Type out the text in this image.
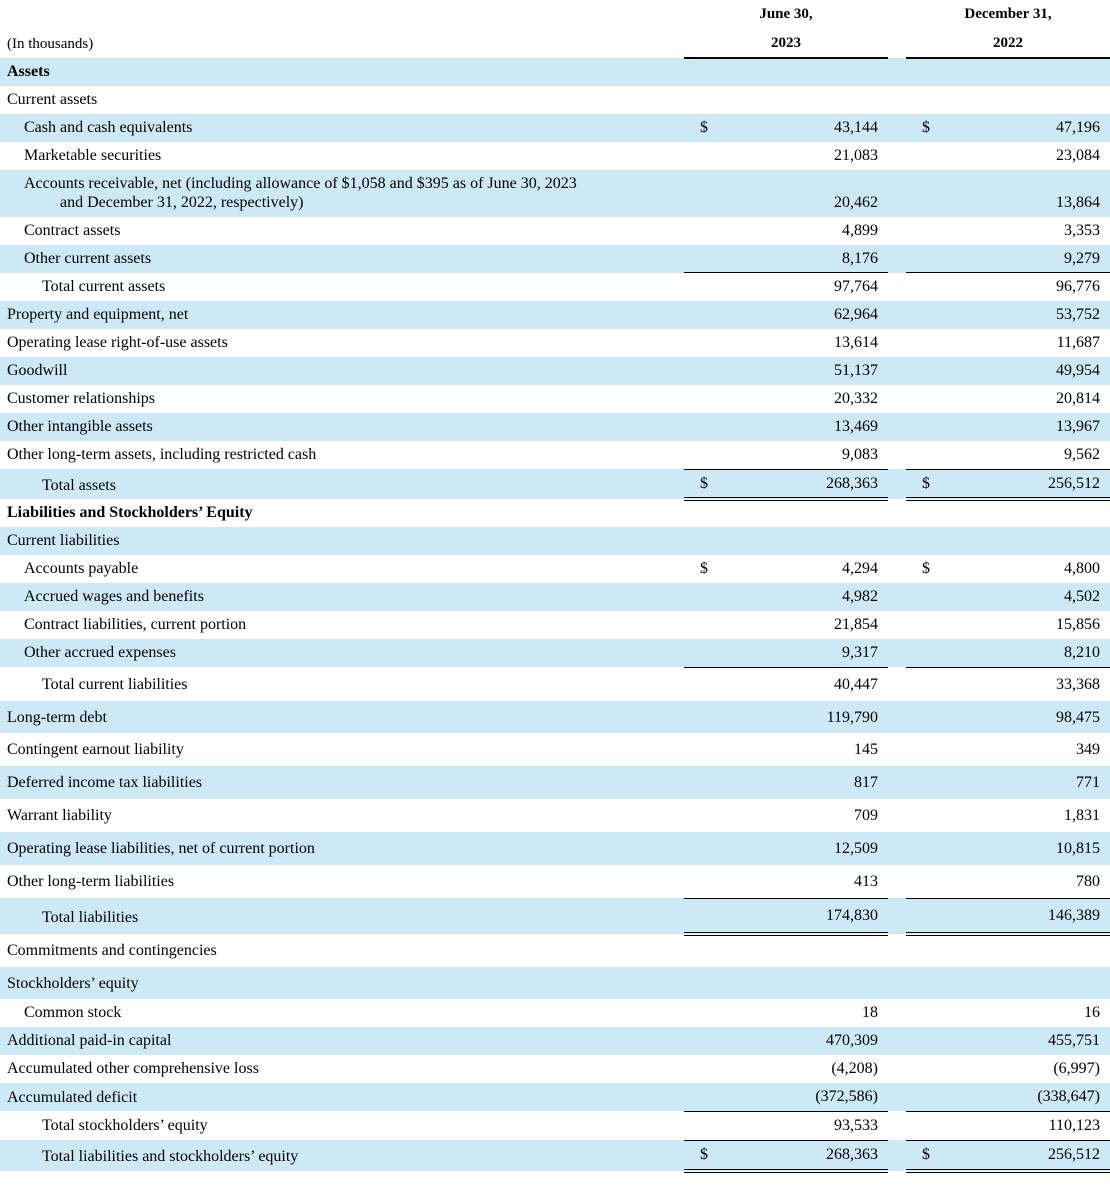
	June 30,			December 31,	
(In thousands)	2023			2022	

Assets					

Current assets					

Cash and cash equivalents	$	43,144		$	47,196

Marketable securities		21,083			23,084

Accounts receivable, net (including allowance of $1,058 and $395 as of June 30, 2023
and December 31, 2022, respectively)		20,462			13,864

Contract assets		4,899			3,353

Other current assets		8,176			9,279

Total current assets		97,764			96,776

Property and equipment, net		62,964			53,752

Operating lease right-of-use assets		13,614			11,687

Goodwill		51,137			49,954

Customer relationships		20,332			20,814

Other intangible assets		13,469			13,967

Other long-term assets, including restricted cash		9,083			9,562

Total assets	$	268,363		$	256,512

Liabilities and Stockholders’ Equity					

Current liabilities					

Accounts payable	$	4,294		$	4,800

Accrued wages and benefits		4,982			4,502

Contract liabilities, current portion		21,854			15,856

Other accrued expenses		9,317			8,210

Total current liabilities		40,447			33,368

Long-term debt		119,790			98,475

Contingent earnout liability		145			349

Deferred income tax liabilities		817			771

Warrant liability		709			1,831

Operating lease liabilities, net of current portion		12,509			10,815

Other long-term liabilities		413			780

Total liabilities		174,830			146,389

Commitments and contingencies					

Stockholders’ equity					

Common stock		18			16

Additional paid-in capital		470,309			455,751

Accumulated other comprehensive loss		(4,208)			(6,997)

Accumulated deficit		(372,586)			(338,647)

Total stockholders’ equity		93,533			110,123

Total liabilities and stockholders’ equity	$	268,363		$	256,512
